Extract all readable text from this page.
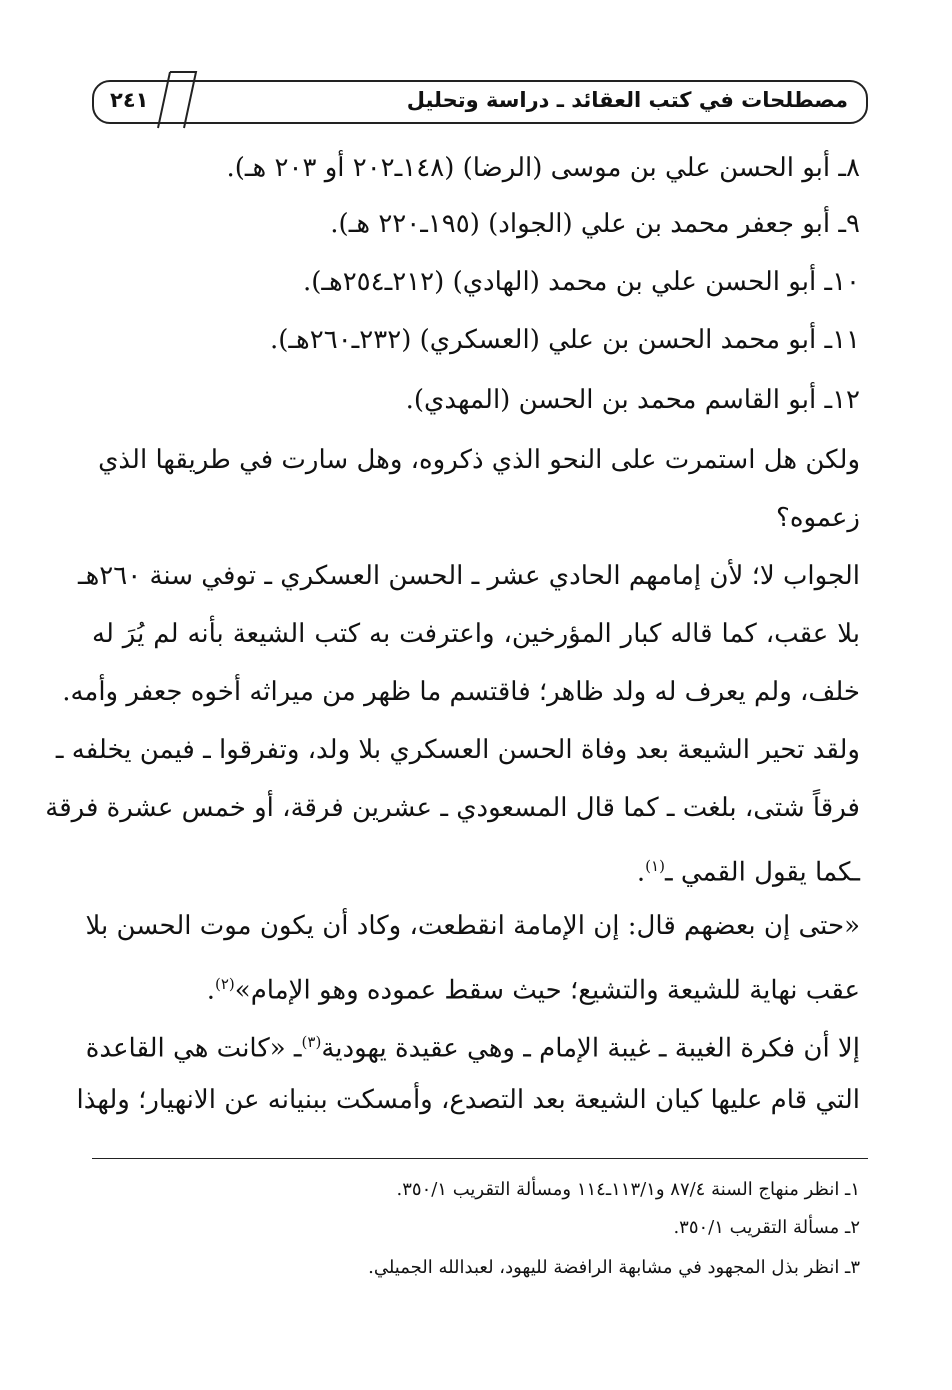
مصطلحات في كتب العقائد ـ دراسة وتحليل
٢٤١
٨ـ أبو الحسن علي بن موسى (الرضا) (١٤٨ـ٢٠٢ أو ٢٠٣ هـ).
٩ـ أبو جعفر محمد بن علي (الجواد) (١٩٥ـ٢٢٠ هـ).
١٠ـ أبو الحسن علي بن محمد (الهادي) (٢١٢ـ٢٥٤هـ).
١١ـ أبو محمد الحسن بن علي (العسكري) (٢٣٢ـ٢٦٠هـ).
١٢ـ أبو القاسم محمد بن الحسن (المهدي).
ولكن هل استمرت على النحو الذي ذكروه، وهل سارت في طريقها الذي
زعموه؟
الجواب لا؛ لأن إمامهم الحادي عشر ـ الحسن العسكري ـ توفي سنة ٢٦٠هـ
بلا عقب، كما قاله كبار المؤرخين، واعترفت به كتب الشيعة بأنه لم يُرَ له
خلف، ولم يعرف له ولد ظاهر؛ فاقتسم ما ظهر من ميراثه أخوه جعفر وأمه.
ولقد تحير الشيعة بعد وفاة الحسن العسكري بلا ولد، وتفرقوا ـ فيمن يخلفه ـ
فرقاً شتى، بلغت ـ كما قال المسعودي ـ عشرين فرقة، أو خمس عشرة فرقة
ـكما يقول القمي ـ$^{(١)}$.
«حتى إن بعضهم قال: إن الإمامة انقطعت، وكاد أن يكون موت الحسن بلا
عقب نهاية للشيعة والتشيع؛ حيث سقط عموده وهو الإمام»$^{(٢)}$.
إلا أن فكرة الغيبة ـ غيبة الإمام ـ وهي عقيدة يهودية$^{(٣)}$ـ «كانت هي القاعدة
التي قام عليها كيان الشيعة بعد التصدع، وأمسكت ببنيانه عن الانهيار؛ ولهذا
١ـ انظر منهاج السنة ٨٧/٤ و١١٣/١ـ١١٤ ومسألة التقريب ٣٥٠/١.
٢ـ مسألة التقريب ٣٥٠/١.
٣ـ انظر بذل المجهود في مشابهة الرافضة لليهود، لعبدالله الجميلي.
